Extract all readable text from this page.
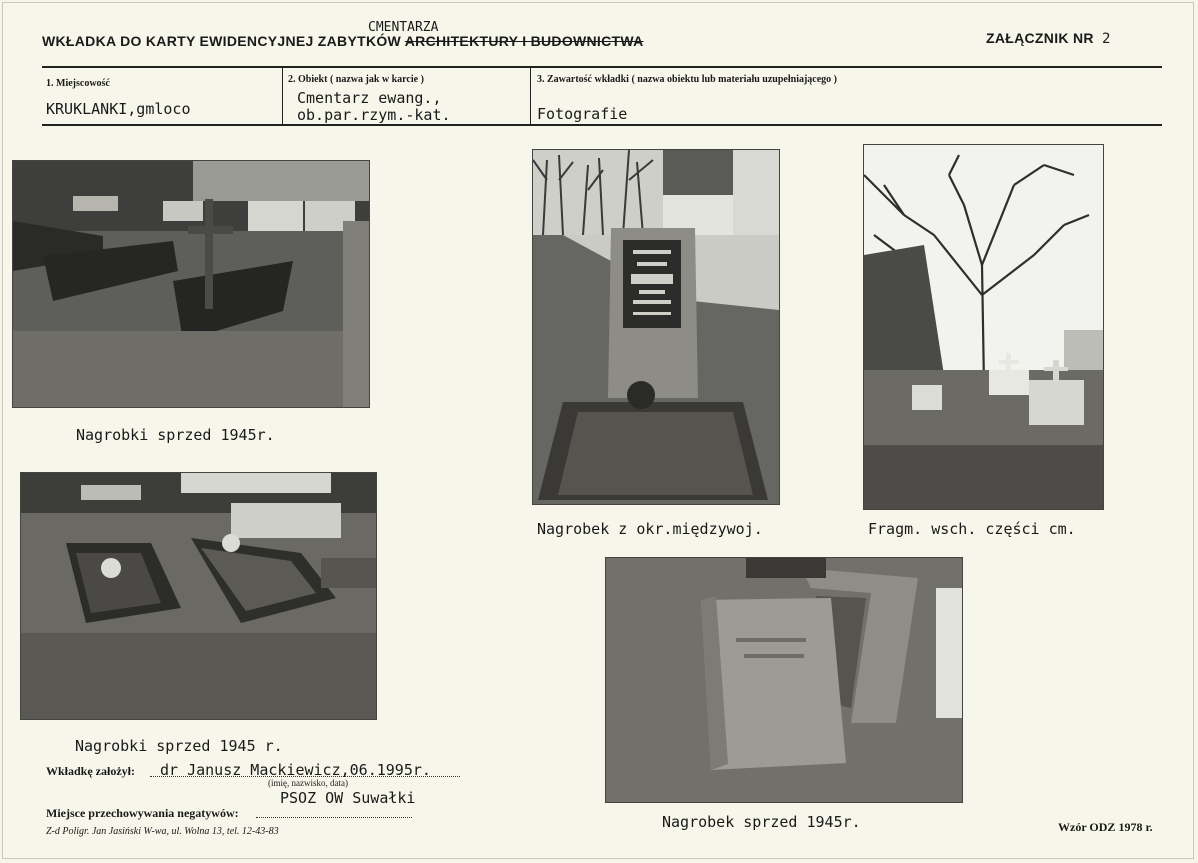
WKŁADKA DO KARTY EWIDENCYJNEJ ZABYTKÓW ARCHITEKTURY I BUDOWNICTWA
CMENTARZA
ZAŁĄCZNIK NR 2
1. Miejscowość
KRUKLANKI,gmloco
2. Obiekt ( nazwa jak w karcie )
Cmentarz ewang.,
ob.par.rzym.-kat.
3. Zawartość wkładki ( nazwa obiektu lub materiału uzupełniającego )
Fotografie
Nagrobki sprzed 1945r.
Nagrobek z okr.międzywoj.	Fragm. wsch. części cm.
Nagrobki sprzed 1945 r.
Nagrobek sprzed 1945r.
Wkładkę założył: dr Janusz Mackiewicz,06.1995r.
(imię, nazwisko, data)
PSOZ OW Suwałki
Miejsce przechowywania negatywów:
Z-d Poligr. Jan Jasiński W-wa, ul. Wolna 13, tel. 12-43-83	Wzór ODZ 1978 r.
